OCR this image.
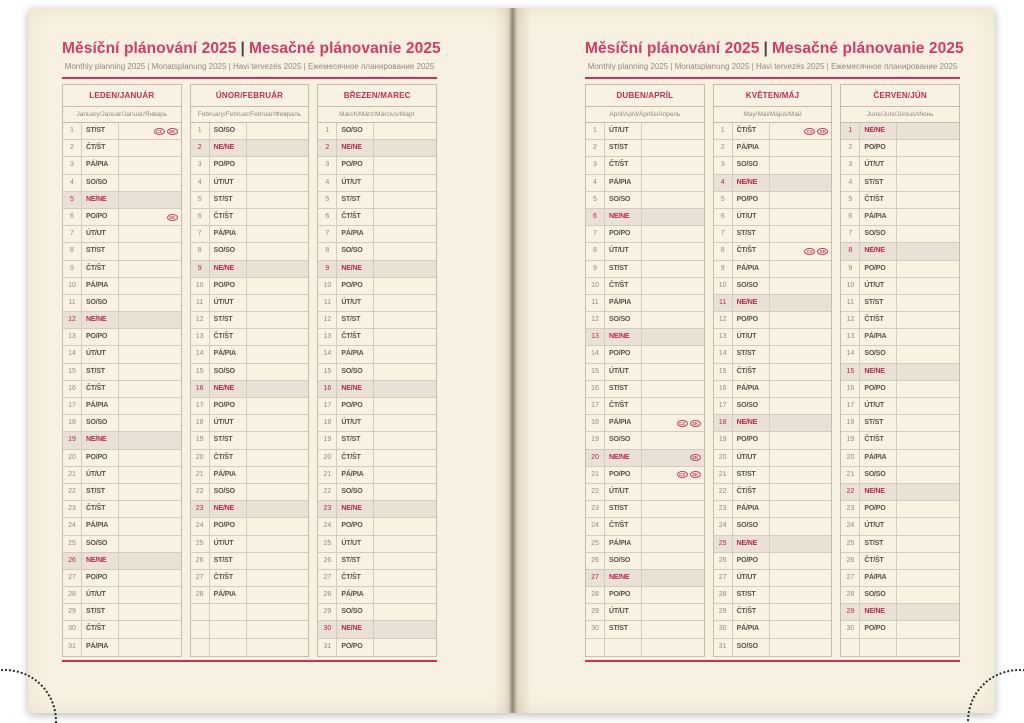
Měsíční plánování 2025 | Mesačné plánovanie 2025
Monthly planning 2025 | Monatsplanung 2025 | Havi tervezés 2025 | Ежемесячное планирование 2025
LEDEN/JANUÁR
January/Januar/Január/Январь
1	ST/ST	CZ	SK
2	ČT/ŠT
3	PÁ/PIA
4	SO/SO
5	NE/NE
6	PO/PO	SK
7	ÚT/UT
8	ST/ST
9	ČT/ŠT
10	PÁ/PIA
11	SO/SO
12	NE/NE
13	PO/PO
14	ÚT/UT
15	ST/ST
16	ČT/ŠT
17	PÁ/PIA
18	SO/SO
19	NE/NE
20	PO/PO
21	ÚT/UT
22	ST/ST
23	ČT/ŠT
24	PÁ/PIA
25	SO/SO
26	NE/NE
27	PO/PO
28	ÚT/UT
29	ST/ST
30	ČT/ŠT
31	PÁ/PIA
ÚNOR/FEBRUÁR
February/Februar/Február/Февраль
1	SO/SO
2	NE/NE
3	PO/PO
4	ÚT/UT
5	ST/ST
6	ČT/ŠT
7	PÁ/PIA
8	SO/SO
9	NE/NE
10	PO/PO
11	ÚT/UT
12	ST/ST
13	ČT/ŠT
14	PÁ/PIA
15	SO/SO
16	NE/NE
17	PO/PO
18	ÚT/UT
19	ST/ST
20	ČT/ŠT
21	PÁ/PIA
22	SO/SO
23	NE/NE
24	PO/PO
25	ÚT/UT
26	ST/ST
27	ČT/ŠT
28	PÁ/PIA
BŘEZEN/MAREC
March/März/Március/Март
1	SO/SO
2	NE/NE
3	PO/PO
4	ÚT/UT
5	ST/ST
6	ČT/ŠT
7	PÁ/PIA
8	SO/SO
9	NE/NE
10	PO/PO
11	ÚT/UT
12	ST/ST
13	ČT/ŠT
14	PÁ/PIA
15	SO/SO
16	NE/NE
17	PO/PO
18	ÚT/UT
19	ST/ST
20	ČT/ŠT
21	PÁ/PIA
22	SO/SO
23	NE/NE
24	PO/PO
25	ÚT/UT
26	ST/ST
27	ČT/ŠT
28	PÁ/PIA
29	SO/SO
30	NE/NE
31	PO/PO
Měsíční plánování 2025 | Mesačné plánovanie 2025
Monthly planning 2025 | Monatsplanung 2025 | Havi tervezés 2025 | Ежемесячное планирование 2025
DUBEN/APRÍL
April/April/Április/Апрель
1	ÚT/UT
2	ST/ST
3	ČT/ŠT
4	PÁ/PIA
5	SO/SO
6	NE/NE
7	PO/PO
8	ÚT/UT
9	ST/ST
10	ČT/ŠT
11	PÁ/PIA
12	SO/SO
13	NE/NE
14	PO/PO
15	ÚT/UT
16	ST/ST
17	ČT/ŠT
18	PÁ/PIA	CZ	SK
19	SO/SO
20	NE/NE	SK
21	PO/PO	CZ	SK
22	ÚT/UT
23	ST/ST
24	ČT/ŠT
25	PÁ/PIA
26	SO/SO
27	NE/NE
28	PO/PO
29	ÚT/UT
30	ST/ST
KVĚTEN/MÁJ
May/Mai/Május/Май
1	ČT/ŠT	CZ	SK
2	PÁ/PIA
3	SO/SO
4	NE/NE
5	PO/PO
6	ÚT/UT
7	ST/ST
8	ČT/ŠT	CZ	SK
9	PÁ/PIA
10	SO/SO
11	NE/NE
12	PO/PO
13	ÚT/UT
14	ST/ST
15	ČT/ŠT
16	PÁ/PIA
17	SO/SO
18	NE/NE
19	PO/PO
20	ÚT/UT
21	ST/ST
22	ČT/ŠT
23	PÁ/PIA
24	SO/SO
25	NE/NE
26	PO/PO
27	ÚT/UT
28	ST/ST
29	ČT/ŠT
30	PÁ/PIA
31	SO/SO
ČERVEN/JÚN
June/Juni/Június/Июнь
1	NE/NE
2	PO/PO
3	ÚT/UT
4	ST/ST
5	ČT/ŠT
6	PÁ/PIA
7	SO/SO
8	NE/NE
9	PO/PO
10	ÚT/UT
11	ST/ST
12	ČT/ŠT
13	PÁ/PIA
14	SO/SO
15	NE/NE
16	PO/PO
17	ÚT/UT
18	ST/ST
19	ČT/ŠT
20	PÁ/PIA
21	SO/SO
22	NE/NE
23	PO/PO
24	ÚT/UT
25	ST/ST
26	ČT/ŠT
27	PÁ/PIA
28	SO/SO
29	NE/NE
30	PO/PO
